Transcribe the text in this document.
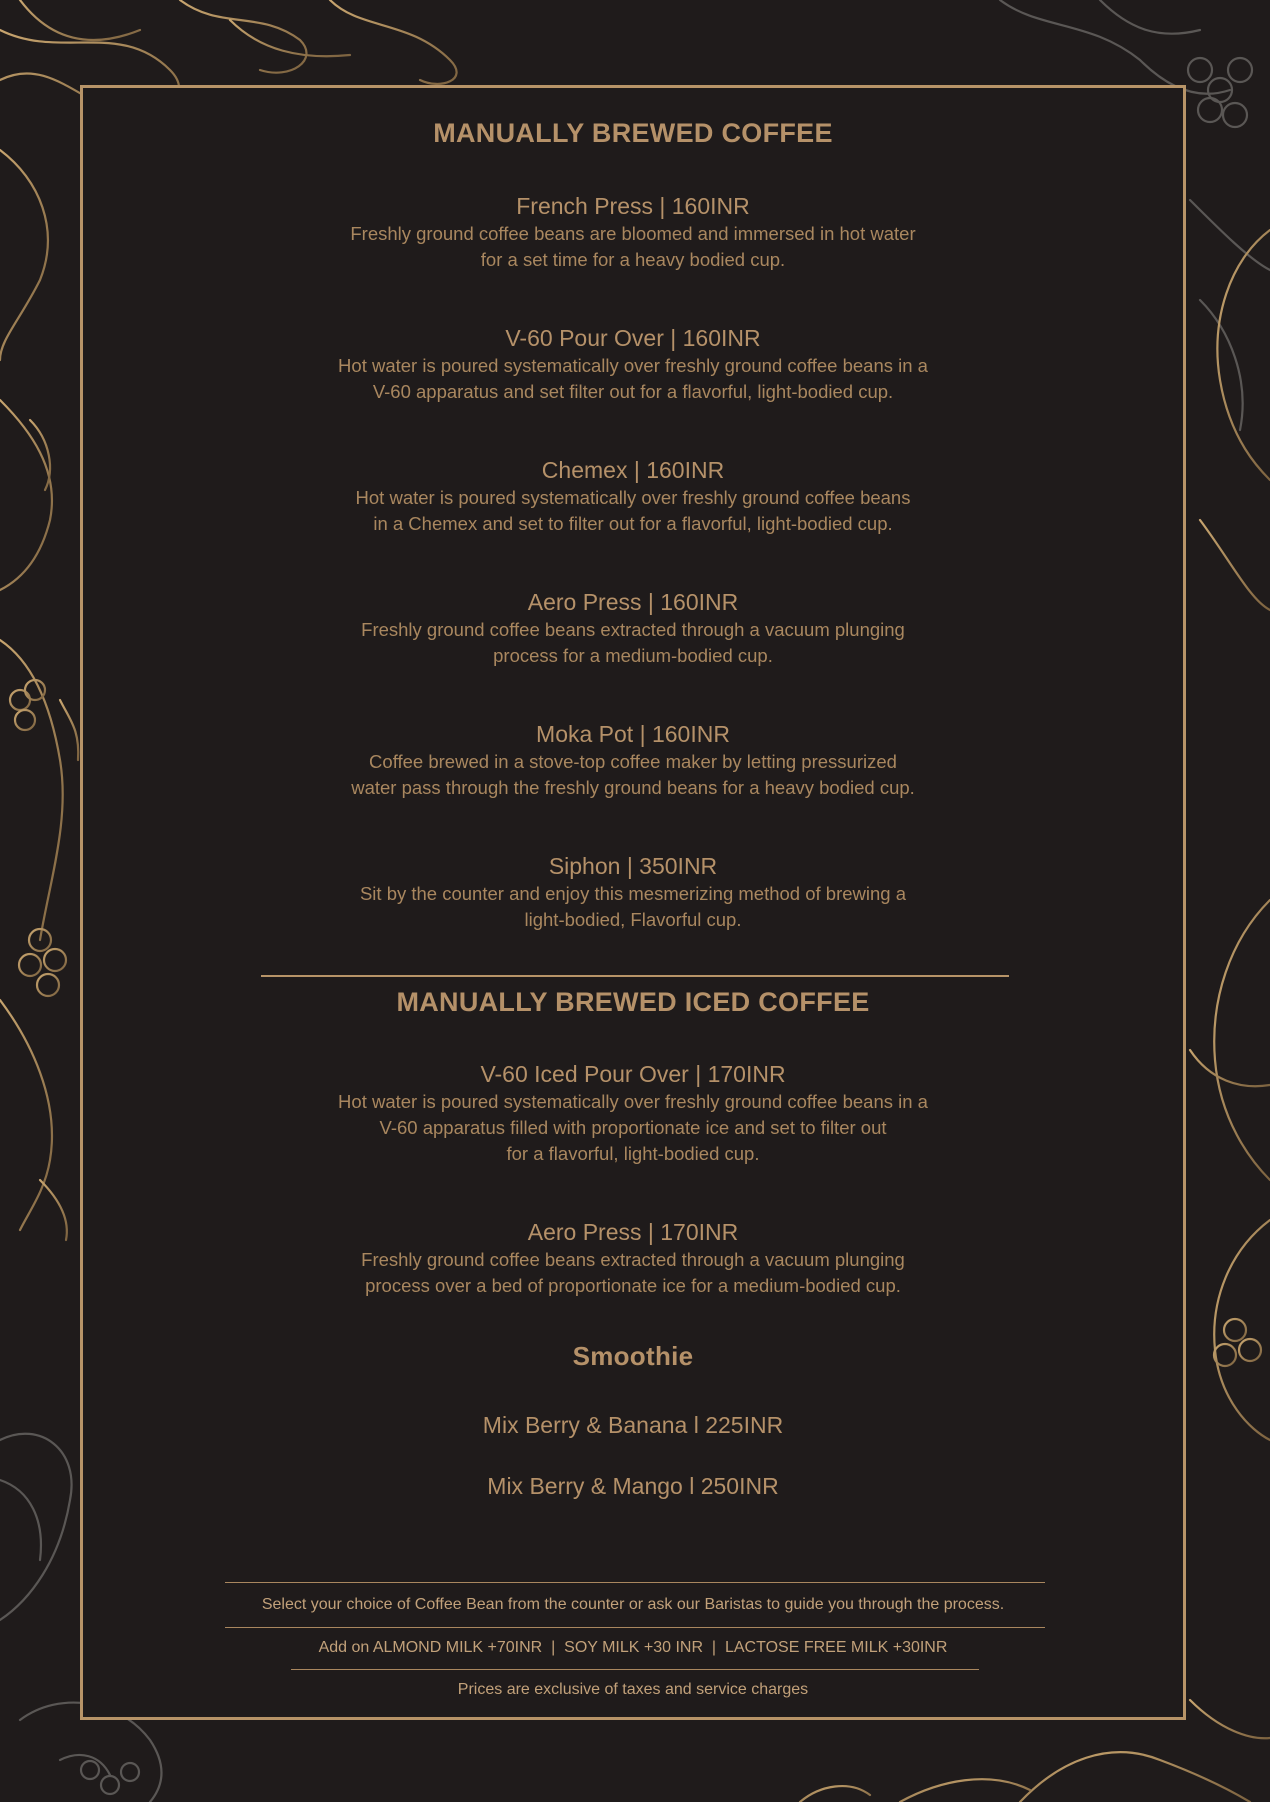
MANUALLY BREWED COFFEE

French Press | 160INR

Freshly ground coffee beans are bloomed and immersed in hot water
for a set time for a heavy bodied cup.

V-60 Pour Over | 160INR

Hot water is poured systematically over freshly ground coffee beans in a
V-60 apparatus and set filter out for a flavorful, light-bodied cup.

Chemex | 160INR

Hot water is poured systematically over freshly ground coffee beans
in a Chemex and set to filter out for a flavorful, light-bodied cup.

Aero Press | 160INR

Freshly ground coffee beans extracted through a vacuum plunging
process for a medium-bodied cup.

Moka Pot | 160INR

Coffee brewed in a stove-top coffee maker by letting pressurized
water pass through the freshly ground beans for a heavy bodied cup.

Siphon | 350INR

Sit by the counter and enjoy this mesmerizing method of brewing a
light-bodied, Flavorful cup.

MANUALLY BREWED ICED COFFEE

V-60 Iced Pour Over | 170INR

Hot water is poured systematically over freshly ground coffee beans in a
V-60 apparatus filled with proportionate ice and set to filter out
for a flavorful, light-bodied cup.

Aero Press | 170INR

Freshly ground coffee beans extracted through a vacuum plunging
process over a bed of proportionate ice for a medium-bodied cup.

Smoothie

Mix Berry & Banana l 225INR

Mix Berry & Mango l 250INR

Select your choice of Coffee Bean from the counter or ask our Baristas to guide you through the process.
Add on ALMOND MILK +70INR  |  SOY MILK +30 INR  |  LACTOSE FREE MILK +30INR
Prices are exclusive of taxes and service charges
